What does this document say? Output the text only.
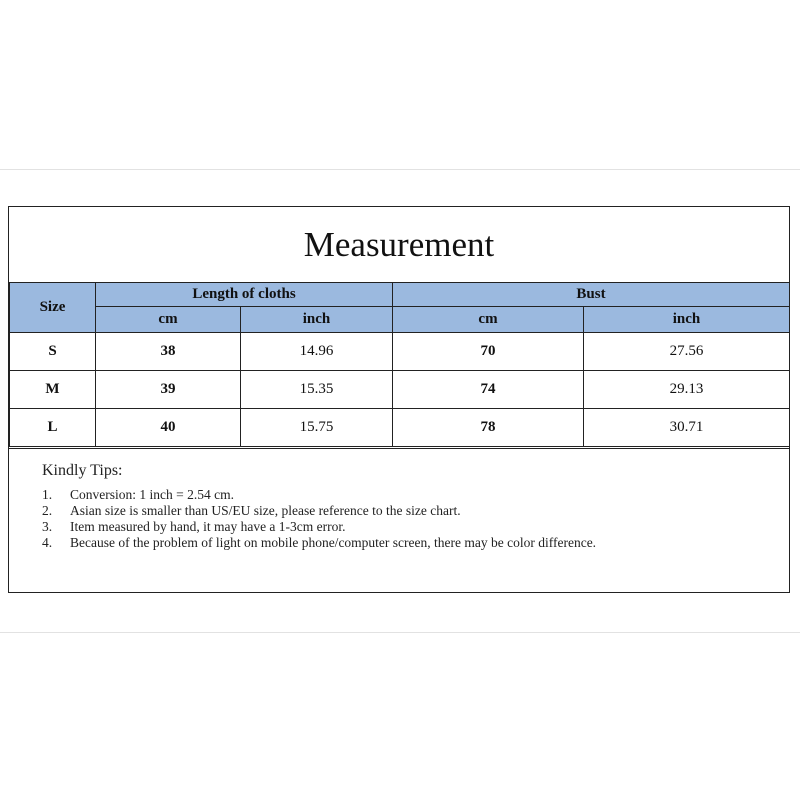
Measurement
Size	Length of cloths		Bust	
	cm	inch	cm	inch
S	38	14.96	70	27.56
M	39	15.35	74	29.13
L	40	15.75	78	30.71
Kindly Tips:
1.	Conversion: 1 inch = 2.54 cm.
2.	Asian size is smaller than US/EU size, please reference to the size chart.
3.	Item measured by hand, it may have a 1-3cm error.
4.	Because of the problem of light on mobile phone/computer screen, there may be color difference.
